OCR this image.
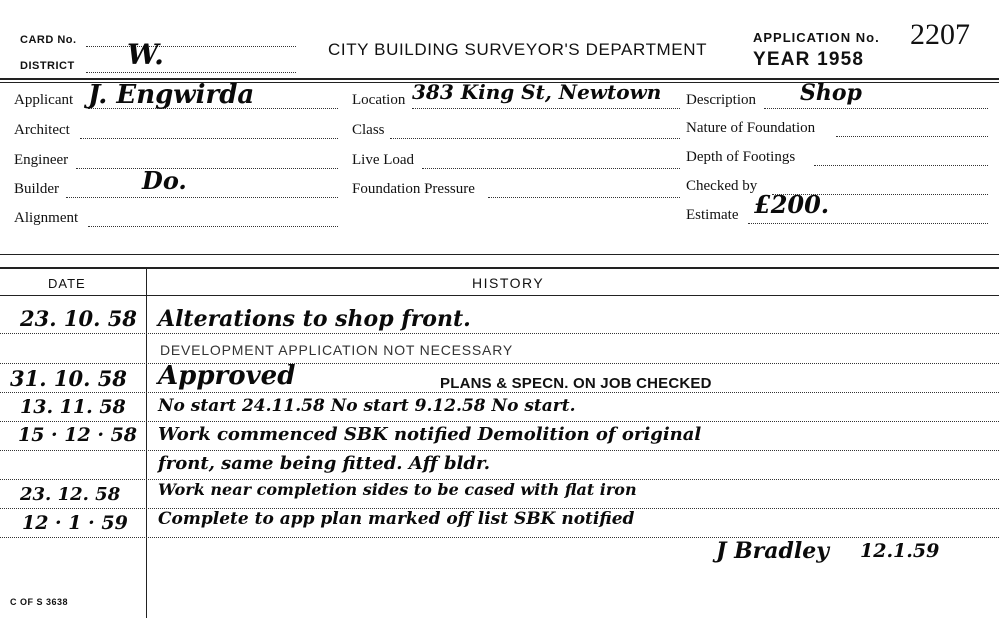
CARD No.
DISTRICT W.	CITY BUILDING SURVEYOR'S DEPARTMENT
APPLICATION No. 2207
YEAR 1958
Applicant J. Engwirda
Architect
Engineer
Builder	Do.
Alignment
Location 383 King St, Newtown
Class
Live Load
Foundation Pressure
Description Shop
Nature of Foundation
Depth of Footings
Checked by
Estimate £200.
DATE	HISTORY
23. 10. 58 Alterations to shop front.
DEVELOPMENT APPLICATION NOT NECESSARY
31. 10. 58 Approved	PLANS & SPECN. ON JOB CHECKED
13. 11. 58 No start 24.11.58 No start 9.12.58 No start.
15 · 12 · 58 Work commenced SBK notified Demolition of original
front, same being fitted. Aff bldr.
23. 12. 58 Work near completion sides to be cased with flat iron
12 · 1 · 59 Complete to app plan marked off list SBK notified
J Bradley 12.1.59
C OF S 3638
